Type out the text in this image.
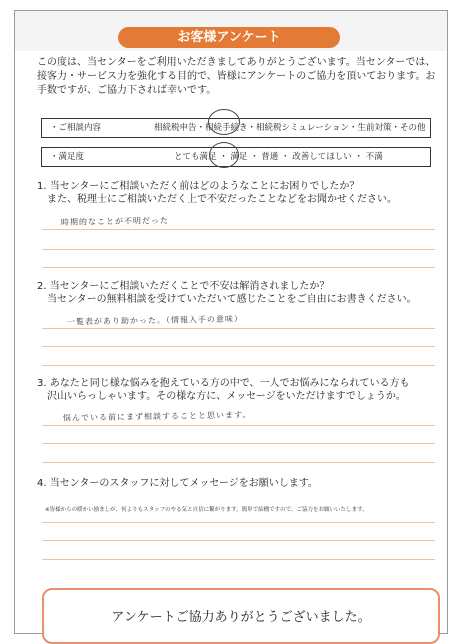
お客様アンケート
この度は、当センターをご利用いただきましてありがとうございます。当センターでは、接客力・サービス力を強化する目的で、皆様にアンケートのご協力を頂いております。お手数ですが、ご協力下されば幸いです。
・ご相談内容	相続税申告・相続手続き・相続税シミュレーション・生前対策・その他
・満足度	とても満足 ・ 満足 ・ 普通 ・ 改善してほしい ・ 不満
1. 当センターにご相談いただく前はどのようなことにお困りでしたか？
　また、税理士にご相談いただく上で不安だったことなどをお聞かせください。
時期的なことが不明だった
2. 当センターにご相談いただくことで不安は解消されましたか？
　当センターの無料相談を受けていただいて感じたことをご自由にお書きください。
一覧表があり助かった。（情報入手の意味）
3. あなたと同じ様な悩みを抱えている方の中で、一人でお悩みになられている方も
　沢山いらっしゃいます。その様な方に、メッセージをいただけますでしょうか。
悩んでいる前にまず相談することと思います。
4. 当センターのスタッフに対してメッセージをお願いします。
※皆様からの暖かい励ましが、何よりもスタッフのやる気と自信に繋がります。簡単で結構ですので、ご協力をお願いいたします。
アンケートご協力ありがとうございました。
